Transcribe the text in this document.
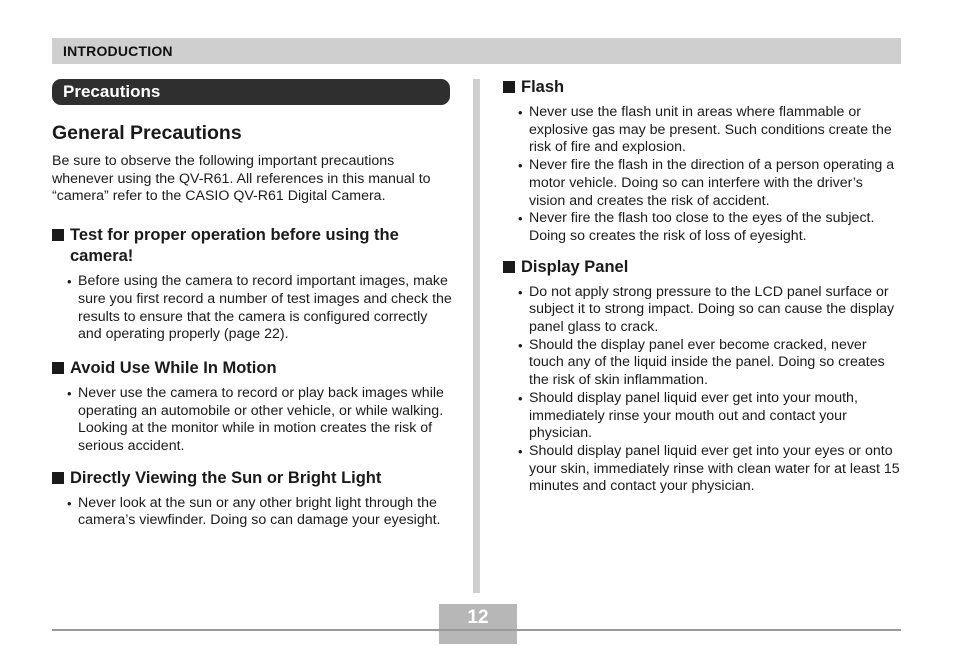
INTRODUCTION
Precautions
General Precautions
Be sure to observe the following important precautions whenever using the QV-R61. All references in this manual to “camera” refer to the CASIO QV-R61 Digital Camera.
Test for proper operation before using the camera!
• Before using the camera to record important images, make sure you first record a number of test images and check the results to ensure that the camera is configured correctly and operating properly (page 22).
Avoid Use While In Motion
• Never use the camera to record or play back images while operating an automobile or other vehicle, or while walking. Looking at the monitor while in motion creates the risk of serious accident.
Directly Viewing the Sun or Bright Light
• Never look at the sun or any other bright light through the camera’s viewfinder. Doing so can damage your eyesight.
Flash
• Never use the flash unit in areas where flammable or explosive gas may be present. Such conditions create the risk of fire and explosion.
• Never fire the flash in the direction of a person operating a motor vehicle. Doing so can interfere with the driver’s vision and creates the risk of accident.
• Never fire the flash too close to the eyes of the subject. Doing so creates the risk of loss of eyesight.
Display Panel
• Do not apply strong pressure to the LCD panel surface or subject it to strong impact. Doing so can cause the display panel glass to crack.
• Should the display panel ever become cracked, never touch any of the liquid inside the panel. Doing so creates the risk of skin inflammation.
• Should display panel liquid ever get into your mouth, immediately rinse your mouth out and contact your physician.
• Should display panel liquid ever get into your eyes or onto your skin, immediately rinse with clean water for at least 15 minutes and contact your physician.
12
